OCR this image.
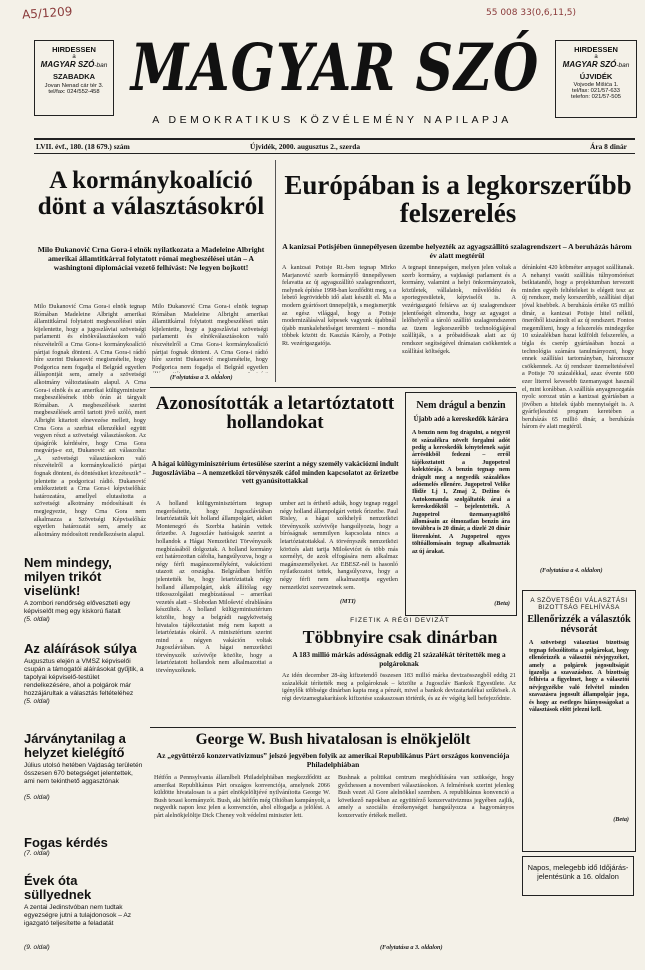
A5/1209	55 008 33(0,6,11,5)
HIRDESSEN
a
MAGYAR SZÓ-ban
SZABADKA
Jovan Nenad cár tér 3.
tel/fax: 024/552-458
HIRDESSEN
a
MAGYAR SZÓ-ban
ÚJVIDÉK
Vojvode Mišića 1.
tel/fax: 021/57-633
telefon: 021/57-505
MAGYAR SZÓ
A DEMOKRATIKUS KÖZVÉLEMÉNY NAPILAPJA
LVII. évf., 180. (18 679.) szám	Újvidék, 2000. augusztus 2., szerda	Ára 8 dinár
A kormánykoalíció dönt a választásokról
Milo Đukanović Crna Gora-i elnök nyilatkozata a Madeleine Albright amerikai államtitkárral folytatott római megbeszélései után – A washingtoni diplomáciai vezető felhívást: Ne legyen bojkott!
Milo Đukanović Crna Gora-i elnök tegnap Rómában Madeleine Albright amerikai államtitkárral folytatott megbeszélései után kijelentette, hogy a jugoszláviai szövetségi parlamenti és elnökválasztásokon való részvételről a Crna Gora-i kormánykoalíció pártjai fognak dönteni. A Crna Gora-i rádió híre szerint Đukanović megismételte, hogy Podgorica nem fogadja el Belgrád egyetlen álláspontját sem, amely a szövetségi alkotmány változtatásain alapul. A Crna Gora-i elnök és az amerikai külügyminiszter megbeszélésének több órán át tárgyalt Rómában. A megbeszélések szerint megbeszélések arról tartott jövő szóló, mert Albright kitartott elnevezése mellett, hogy Crna Gora a szerbiai ellenzékkel együtt vegyen részt a szövetségi választásokon. Az újságírók kérdésére, hogy Crna Gora megvárja-e ezt, Đukanović azt válaszolta: „A szövetségi választásokon való részvételről a kormánykoalíció pártjai fognak dönteni, és döntésüket közzéteszik” – jelentette a podgoricai rádió. Đukanović emlékeztetett a Crna Gora-i képviselőház határozatára, amellyel elutasította a szövetségi alkotmány módosításait és megjegyezte, hogy Crna Gora nem alkalmazza a Szövetségi Képviselőház egyetlen határozatát sem, amely az alkotmány módosított rendelkezésein alapul.
Milo Đukanović Crna Gora-i elnök tegnap Rómában Madeleine Albright amerikai államtitkárral folytatott megbeszélései után kijelentette, hogy a jugoszláviai szövetségi parlamenti és elnökválasztásokon való részvételről a Crna Gora-i kormánykoalíció pártjai fognak dönteni. A Crna Gora-i rádió híre szerint Đukanović megismételte, hogy Podgorica nem fogadja el Belgrád egyetlen
(Folytatása a 3. oldalon)
Európában is a legkorszerűbb felszerelés
A kanizsai Potisjében ünnepélyesen üzembe helyezték az agyagszállító szalagrendszert – A beruházás három év alatt megtérül
A kanizsai Potisje Rt.-ben tegnap Mirko Marjanović szerb kormányfő ünnepélyesen felavatta az új agyagszállító szalagrendszert, melynek építése 1998-ban kezdődött meg, s a lebető legrövidebb idő alatt készült el. Ma a modern gyártósort ünnepeljük, s megismerjük az egész világgal, hogy a Potisje modernizálásával képesek vagyunk újabbnál újabb munkalehetőséget teremteni – mondta többek között dr. Kasziás Károly, a Potisje Rt. vezérigazgatója.
A tegnapi ünnepségen, melyen jelen voltak a szerb kormány, a vajdasági parlament és a kormány, valamint a helyi önkormányzatok, közületek, vállalatok, művelődési és sportegyesületek, képviselői is. A vezérigazgató feltárva az új szalagrendszer jelentőségét elmondta, hogy az agyagot a lelőhelyről a tároló szállító szalagrendszeren az üzem legkorszerűbb technológiájával szállítják, s a próbaidőszak alatt az új rendszer segítségével drámaian csökkentek a szállítási költségek.
déránként 420 köbméter anyagot szállítanak. A nehanyi vasúti szállítás túlnyomórészt beiktatandó, hogy a projektumban tervezett minden egyéb feltételeket is elégett tesz az új rendszer, mely korszerűbb, szállítási díjai jóval kisebbek. A beruházás értéke 65 millió dinár, a kanizsai Potisje hitel nélkül, önerőből kiszámolt el az új rendszert. Fontos megemlíteni, hogy a felszerelés mindegyike 10 százalékban hazai külföldi felszerelés, a tégla és cserép gyártásában hozzá a technológia számára tanulmányozni, hogy ennek szállítási tartományban, háromszor csökkennek. Az új rendszer üzemeltetésével a Potisje 70 százalékkal, azaz évente 600 ezer literrel kevesebb üzemanyagot használ el, mint korábban. A szállítás anyagmozgatás nyolc sorozat után a kanizsai gyártásban a jövőben a hitelek újabb mennyiségét is. A gyárfejlesztési program keretében a beruházás 65 millió dinár, a beruházás három év alatt megtérül.
(Folytatása a 4. oldalon)
Azonosították a letartóztatott hollandokat
A hágai külügyminisztérium értesülése szerint a négy személy vakációzni indult Jugoszláviába – A nemzetközi törvényszék cáfol minden kapcsolatot az őrizetbe vett gyanúsítottakkal
A holland külügyminisztérium tegnap megerősítette, hogy Jugoszláviában letartóztatták két holland állampolgárt, akiket Montenegró és Szerbia határán vettek őrizetbe. A Jugoszláv hatóságok szerint a hollandok a Hágai Nemzetközi Törvényszék megbízásából dolgoztak. A holland kormány ezt határozottan cáfolta, hangsúlyozva, hogy a négy férfi magánszemélyként, vakációzni utazott az országba. Belgrádban hétfőn jelentették be, hogy letartóztattak négy holland állampolgárt, akik állítólag egy titkosszolgálati megbízatással – amerikai vezetés alatt – Slobodan Milošević elrablására készültek. A holland külügyminisztérium közölte, hogy a belgrádi nagykövetség hivatalos tájékoztatást még nem kapott a letartóztatás okáról. A minisztérium szerint mind a négyen vakáción voltak Jugoszláviában. A hágai nemzetközi törvényszék szóvivője közölte, hogy a letartóztatott hollandok nem alkalmazottai a törvényszéknek.
umber azt is érthető adták, hogy tegnap reggel négy holland állampolgárt vettek őrizetbe. Paul Risley, a hágai székhelyű nemzetközi törvényszék szóvivője hangsúlyozta, hogy a bíróságnak semmilyen kapcsolata nincs a letartóztatottakkal. A törvényszék nemzetközi körözés alatt tartja Miloševićet és több más személyt, de azok elfogására nem alkalmaz magánszemélyeket. Az EBESZ-nél is hasonló nyilatkozatot tettek, hangsúlyozva, hogy a négy férfi nem alkalmazottja egyetlen nemzetközi szervezetnek sem.
(MTI)
Nem drágul a benzin
Újabb adó a kereskedők kárára
A benzin nem fog drágulni, a négyről öt százalékra növelt forgalmi adót pedig a kereskedők kénytelenek saját árrésükből fedezni – erről tájékoztatott a Jugopetrol kolektórája. A benzin tegnap nem drágult meg a negyedik százalékos adóemelés ellenére. Jugopetrol Velike Ilidže Lj 1, Zmaj 2, Dežino és Autokomanda szolgáltatók árai a kereskedőktől – bejelentették. A Jugopetrol üzemanyagtöltő állomásain az ólmozatlan benzin ára továbbra is 20 dinár, a dízelé 20 dinár literenként. A Jugopetrol egyes töltőállomásain tegnap alkalmazták az új árakat.
(Beta)
FIZETIK A RÉGI DEVIZÁT
Többnyire csak dinárban
A 183 millió márkás adósságnak eddig 21 százalékát térítették meg a polgároknak
Az idén december 28-áig kifizetendő összesen 183 millió márka devizaösszegből eddig 21 százalékát térítették meg a polgároknak – közölte a Jugoszláv Bankok Egyesülete. Az igénylők többsége dinárban kapta meg a pénzét, mivel a bankok devizatartalékai szűkösek. A régi devizamegtakarítások kifizetése szakaszosan történik, és az év végéig kell befejeződnie.
George W. Bush hivatalosan is elnökjelölt
Az „együttérző konzervativizmus” jelszó jegyében folyik az amerikai Republikánus Párt országos konvenciója Philadelphiában
Hétfőn a Pennsylvania államlbeli Philadelphiában megkezdődött az amerikai Republikánus Párt országos konvenciója, amelynek 2066 küldötte hivatalosan is a párt elnökjelöltjévé nyilvánította George W. Bush texasi kormányzót. Bush, aki hétfőn még Ohióban kampányolt, a negyedik napon lesz jelen a konvención, ahol elfogadja a jelölést. A párt alelnökjelöltje Dick Cheney volt védelmi miniszter lett.
Bushnak a politikai centrum meghódítására van szüksége, hogy győzhessen a novemberi választásokon. A felmérések szerint jelenleg Bush vezet Al Gore alelnökkel szemben. A republikánus konvenció a következő napokban az együttérző konzervativizmus jegyében zajlik, amely a szociális érzékenységet hangsúlyozza a hagyományos konzervatív értékek mellett.
(Folytatása a 3. oldalon)
Nem mindegy, milyen trikót viselünk!
A zombori rendőrség előveszteti egy képviselőt meg egy kiskorú fiatalt
(5. oldal)
Az aláírások súlya
Augusztus elején a VMSZ képviselői csupán a támogatói aláírásokat gyűjtik, a tapolyai képviselő-testület rendelkezésére, ahol a polgárok már hozzájárultak a választás feltételéhez
(5. oldal)
Járványtanilag a helyzet kielégítő
Július utolsó hetében Vajdaság területén összesen 670 betegséget jelentettek, ami nem tekinthető aggasztónak
(5. oldal)
Fogas kérdés
(7. oldal)
Évek óta süllyednek
A zentai Jedinstvóban nem tudtak egyezségre jutni a tulajdonosok – Az igazgató teljesítette a feladatát
(9. oldal)
A SZÖVETSÉGI VÁLASZTÁSI BIZOTTSÁG FELHÍVÁSA
Ellenőrizzék a választók névsorát
A szövetségi választási bizottság tegnap felszólította a polgárokat, hogy ellenőrizzék a választói névjegyzéket, amely a polgárok jogosultságát igazolja a szavazáshoz. A bizottság felhívta a figyelmet, hogy a választói névjegyzékbe való felvétel minden szavazásra jogosult állampolgár joga, és hogy az esetleges hiányosságokat a választások előtt jelezni kell.
(Beta)
Napos, melegebb idő Időjárás-jelentésünk a 16. oldalon
